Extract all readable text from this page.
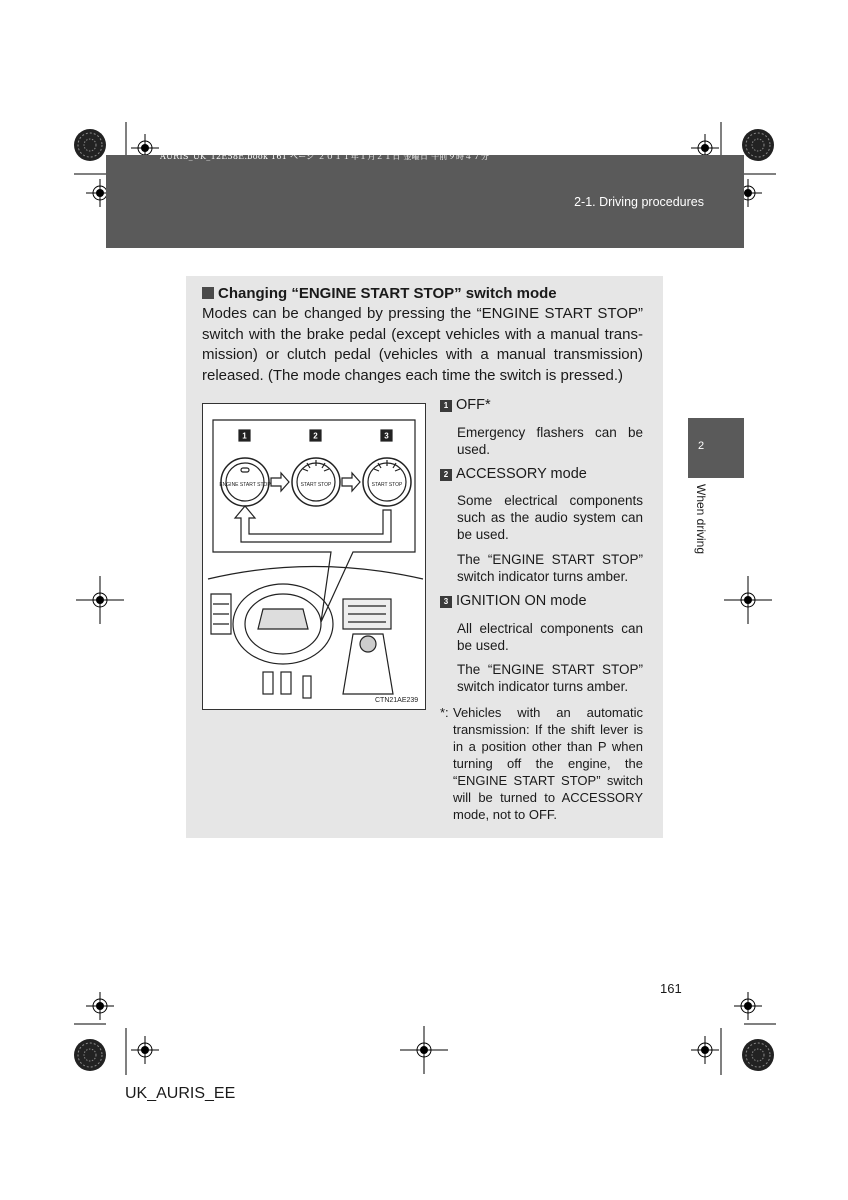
AURIS_UK_12E58E.book 161 ページ ２０１１年１月２１日 金曜日 午前９時４７分
2-1. Driving procedures
2
When driving
Changing “ENGINE START STOP” switch mode
Modes can be changed by pressing the “ENGINE START STOP” switch with the brake pedal (except vehicles with a manual trans-mission) or clutch pedal (vehicles with a manual transmission) released. (The mode changes each time the switch is pressed.)
1	2	3
ENGINE START STOP	START STOP	START STOP
CTN21AE239
1 OFF*
Emergency flashers can be used.
2 ACCESSORY mode
Some electrical components such as the audio system can be used.
The “ENGINE START STOP” switch indicator turns amber.
3 IGNITION ON mode
All electrical components can be used.
The “ENGINE START STOP” switch indicator turns amber.
*: Vehicles with an automatic transmission: If the shift lever is in a position other than P when turning off the engine, the “ENGINE START STOP” switch will be turned to ACCESSORY mode, not to OFF.
161
UK_AURIS_EE
